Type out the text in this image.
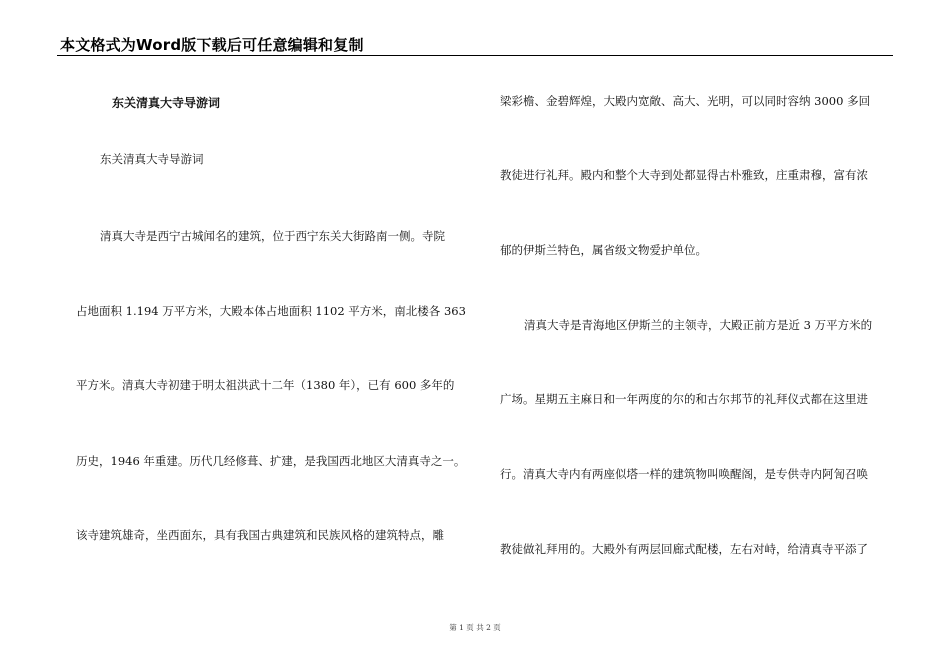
本文格式为Word版下载后可任意编辑和复制
东关清真大寺导游词
东关清真大寺导游词
清真大寺是西宁古城闻名的建筑，位于西宁东关大街路南一侧。寺院
占地面积 1.194 万平方米，大殿本体占地面积 1102 平方米，南北楼各 363
平方米。清真大寺初建于明太祖洪武十二年（1380 年），已有 600 多年的
历史，1946 年重建。历代几经修葺、扩建，是我国西北地区大清真寺之一。
该寺建筑雄奇，坐西面东，具有我国古典建筑和民族风格的建筑特点，雕
梁彩檐、金碧辉煌，大殿内宽敞、高大、光明，可以同时容纳 3000 多回
教徒进行礼拜。殿内和整个大寺到处都显得古朴雅致，庄重肃穆，富有浓
郁的伊斯兰特色，属省级文物爱护单位。
清真大寺是青海地区伊斯兰的主领寺，大殿正前方是近 3 万平方米的
广场。星期五主麻日和一年两度的尔的和古尔邦节的礼拜仪式都在这里进
行。清真大寺内有两座似塔一样的建筑物叫唤醒阁，是专供寺内阿訇召唤
教徒做礼拜用的。大殿外有两层回廊式配楼，左右对峙，给清真寺平添了
第 1 页 共 2 页
